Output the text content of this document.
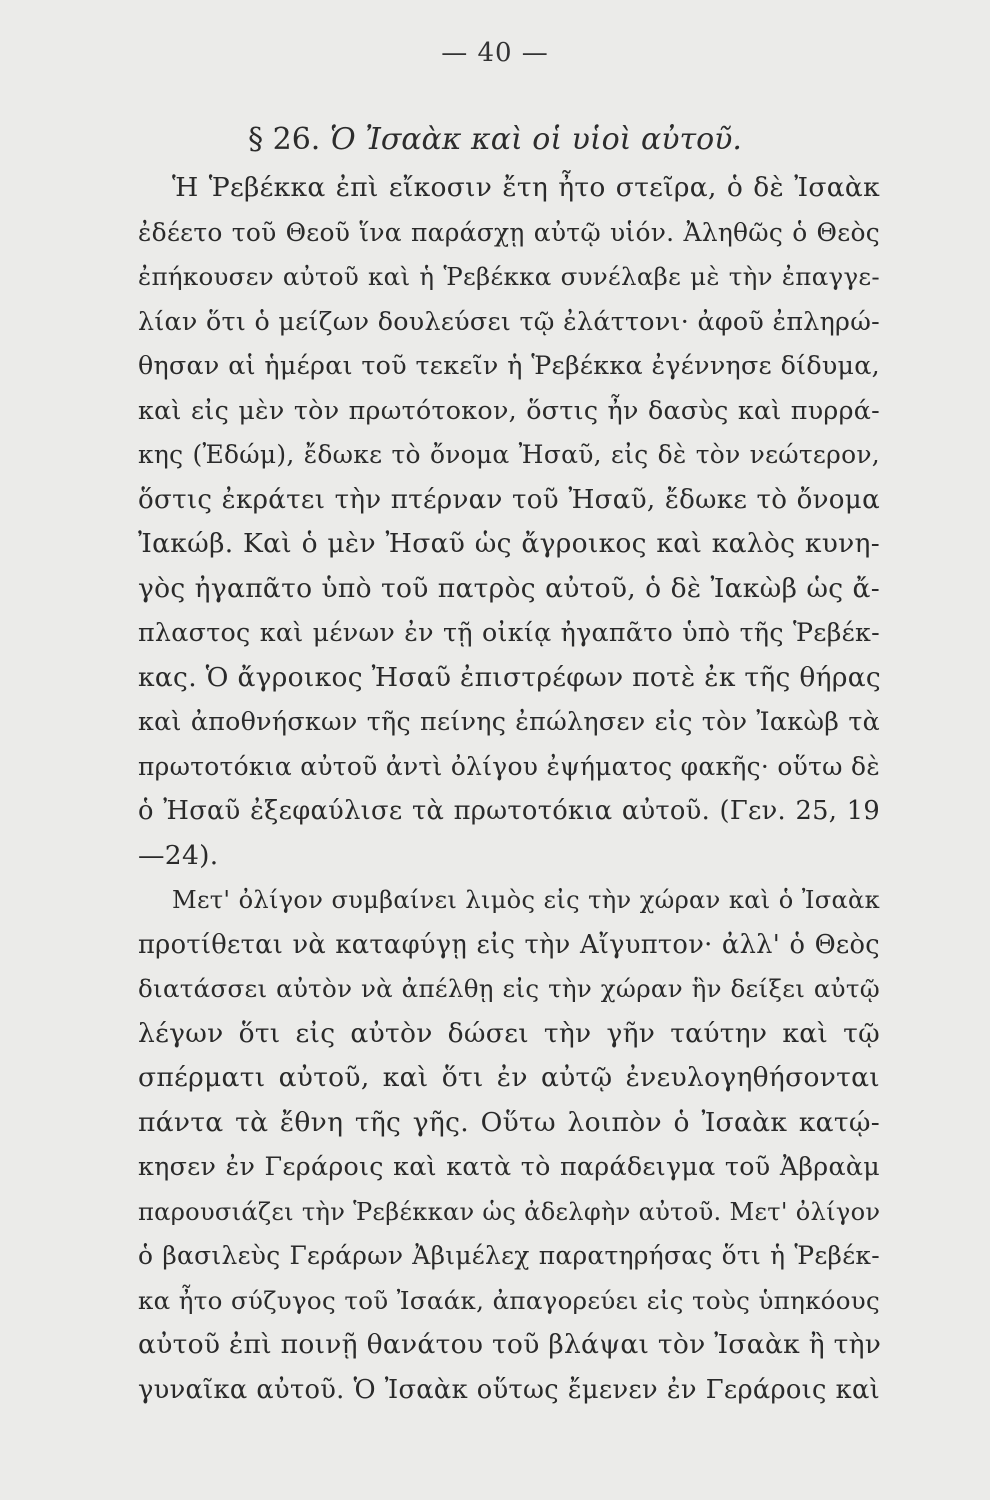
— 40 —
§ 26. Ὁ Ἰσαὰκ καὶ οἱ υἱοὶ αὐτοῦ.
Ἡ Ῥεβέκκα ἐπὶ εἴκοσιν ἔτη ἦτο στεῖρα, ὁ δὲ Ἰσαὰκ
ἐδέετο τοῦ Θεοῦ ἵνα παράσχῃ αὐτῷ υἱόν. Ἀληθῶς ὁ Θεὸς
ἐπήκουσεν αὐτοῦ καὶ ἡ Ῥεβέκκα συνέλαβε μὲ τὴν ἐπαγγε-
λίαν ὅτι ὁ μείζων δουλεύσει τῷ ἐλάττονι· ἀφοῦ ἐπληρώ-
θησαν αἱ ἡμέραι τοῦ τεκεῖν ἡ Ῥεβέκκα ἐγέννησε δίδυμα,
καὶ εἰς μὲν τὸν πρωτότοκον, ὅστις ἦν δασὺς καὶ πυρρά-
κης (Ἐδώμ), ἔδωκε τὸ ὄνομα Ἠσαῦ, εἰς δὲ τὸν νεώτερον,
ὅστις ἐκράτει τὴν πτέρναν τοῦ Ἠσαῦ, ἔδωκε τὸ ὄνομα
Ἰακώβ. Καὶ ὁ μὲν Ἠσαῦ ὡς ἄγροικος καὶ καλὸς κυνη-
γὸς ἠγαπᾶτο ὑπὸ τοῦ πατρὸς αὐτοῦ, ὁ δὲ Ἰακὼβ ὡς ἄ-
πλαστος καὶ μένων ἐν τῇ οἰκίᾳ ἠγαπᾶτο ὑπὸ τῆς Ῥεβέκ-
κας. Ὁ ἄγροικος Ἠσαῦ ἐπιστρέφων ποτὲ ἐκ τῆς θήρας
καὶ ἀποθνήσκων τῆς πείνης ἐπώλησεν εἰς τὸν Ἰακὼβ τὰ
πρωτοτόκια αὐτοῦ ἀντὶ ὀλίγου ἐψήματος φακῆς· οὕτω δὲ
ὁ Ἠσαῦ ἐξεφαύλισε τὰ πρωτοτόκια αὐτοῦ. (Γεν. 25, 19
—24).
Μετ' ὀλίγον συμβαίνει λιμὸς εἰς τὴν χώραν καὶ ὁ Ἰσαὰκ
προτίθεται νὰ καταφύγῃ εἰς τὴν Αἴγυπτον· ἀλλ' ὁ Θεὸς
διατάσσει αὐτὸν νὰ ἀπέλθῃ εἰς τὴν χώραν ἣν δείξει αὐτῷ
λέγων ὅτι εἰς αὐτὸν δώσει τὴν γῆν ταύτην καὶ τῷ
σπέρματι αὐτοῦ, καὶ ὅτι ἐν αὐτῷ ἐνευλογηθήσονται
πάντα τὰ ἔθνη τῆς γῆς. Οὕτω λοιπὸν ὁ Ἰσαὰκ κατῴ-
κησεν ἐν Γεράροις καὶ κατὰ τὸ παράδειγμα τοῦ Ἀβραὰμ
παρουσιάζει τὴν Ῥεβέκκαν ὡς ἀδελφὴν αὐτοῦ. Μετ' ὀλίγον
ὁ βασιλεὺς Γεράρων Ἀβιμέλεχ παρατηρήσας ὅτι ἡ Ῥεβέκ-
κα ἦτο σύζυγος τοῦ Ἰσαάκ, ἀπαγορεύει εἰς τοὺς ὑπηκόους
αὐτοῦ ἐπὶ ποινῇ θανάτου τοῦ βλάψαι τὸν Ἰσαὰκ ἢ τὴν
γυναῖκα αὐτοῦ. Ὁ Ἰσαὰκ οὕτως ἔμενεν ἐν Γεράροις καὶ
